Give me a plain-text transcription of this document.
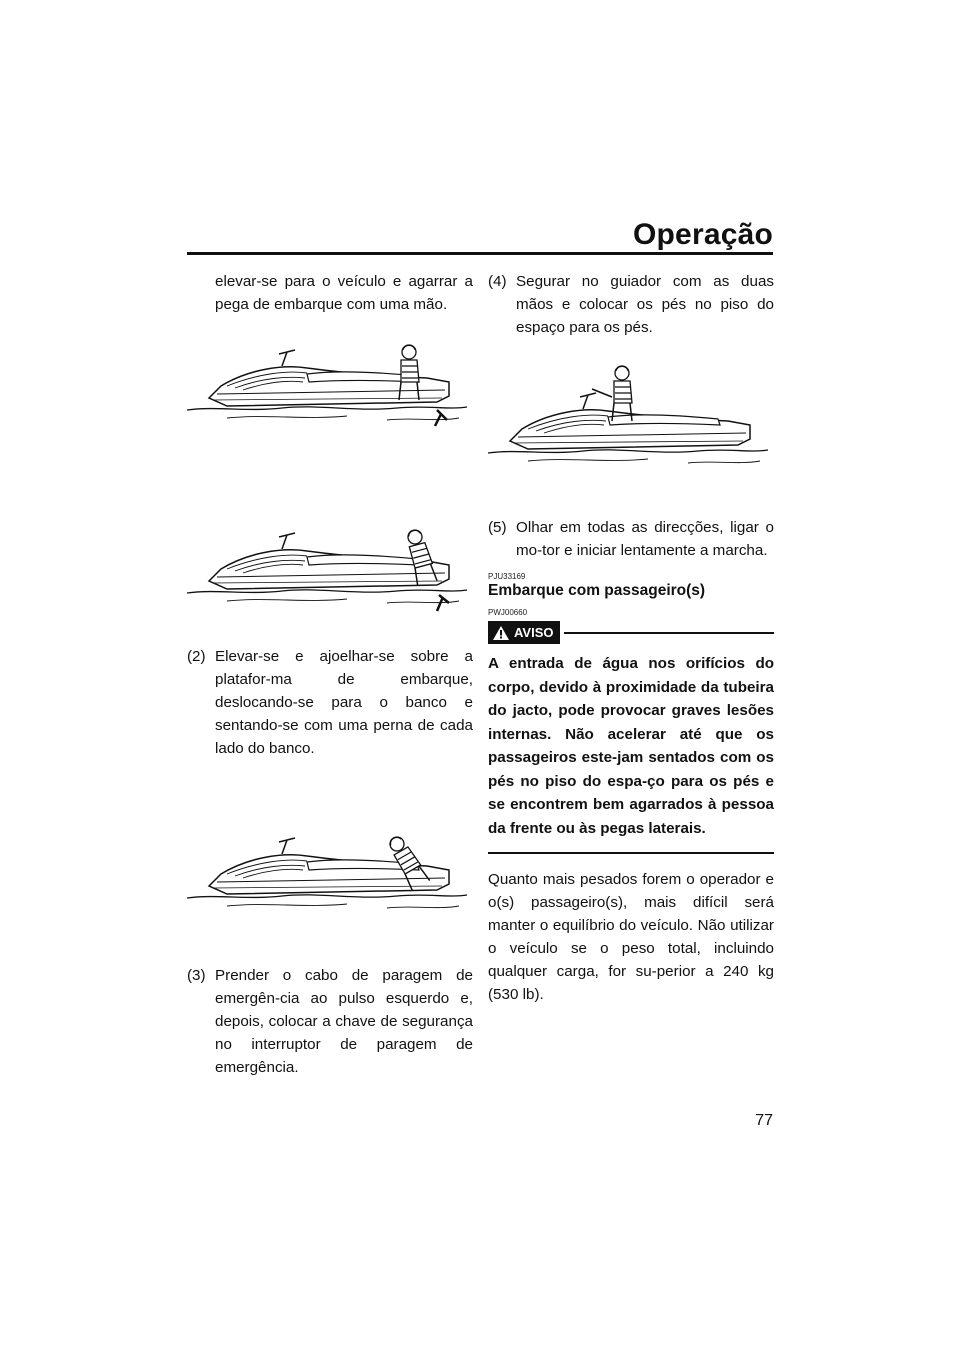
Operação

elevar-se para o veículo e agarrar a pega de embarque com uma mão.

(2) Elevar-se e ajoelhar-se sobre a platafor-ma de embarque, deslocando-se para o banco e sentando-se com uma perna de cada lado do banco.
(3) Prender o cabo de paragem de emergên-cia ao pulso esquerdo e, depois, colocar a chave de segurança no interruptor de paragem de emergência.
(4) Segurar no guiador com as duas mãos e colocar os pés no piso do espaço para os pés.
(5) Olhar em todas as direcções, ligar o mo-tor e iniciar lentamente a marcha.
PJU33169
Embarque com passageiro(s)
PWJ00660
AVISO

A entrada de água nos orifícios do corpo, devido à proximidade da tubeira do jacto, pode provocar graves lesões internas. Não acelerar até que os passageiros este-jam sentados com os pés no piso do espa-ço para os pés e se encontrem bem agarrados à pessoa da frente ou às pegas laterais.

Quanto mais pesados forem o operador e o(s) passageiro(s), mais difícil será manter o equilíbrio do veículo. Não utilizar o veículo se o peso total, incluindo qualquer carga, for su-perior a 240 kg (530 lb).

77
